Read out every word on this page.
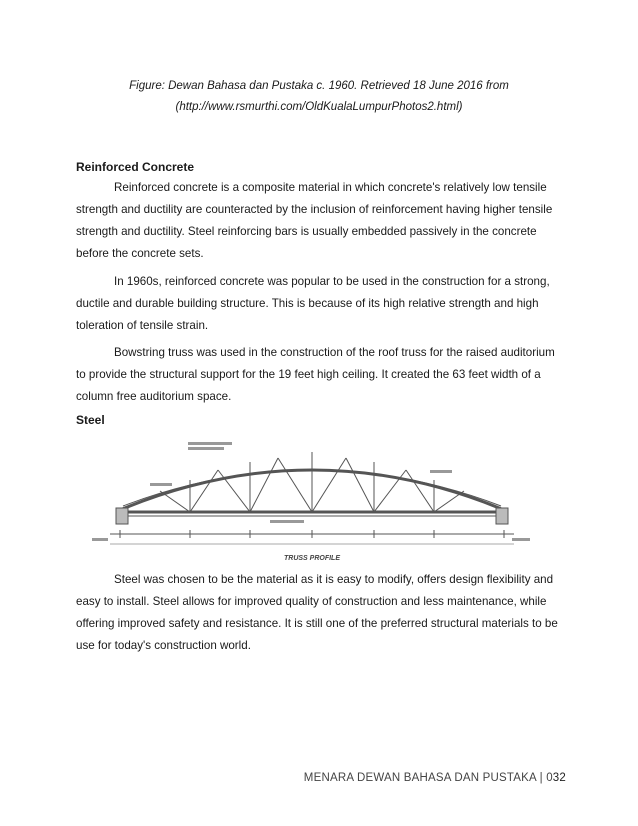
Figure: Dewan Bahasa dan Pustaka c. 1960. Retrieved 18 June 2016 from
(http://www.rsmurthi.com/OldKualaLumpurPhotos2.html)
Reinforced Concrete
Reinforced concrete is a composite material in which concrete's relatively low tensile strength and ductility are counteracted by the inclusion of reinforcement having higher tensile strength and ductility. Steel reinforcing bars is usually embedded passively in the concrete before the concrete sets.
In 1960s, reinforced concrete was popular to be used in the construction for a strong, ductile and durable building structure. This is because of its high relative strength and high toleration of tensile strain.
Bowstring truss was used in the construction of the roof truss for the raised auditorium to provide the structural support for the 19 feet high ceiling. It created the 63 feet width of a column free auditorium space.
Steel
TRUSS PROFILE
Steel was chosen to be the material as it is easy to modify, offers design flexibility and easy to install. Steel allows for improved quality of construction and less maintenance, while offering improved safety and resistance. It is still one of the preferred structural materials to be use for today's construction world.
MENARA DEWAN BAHASA DAN PUSTAKA | 032
